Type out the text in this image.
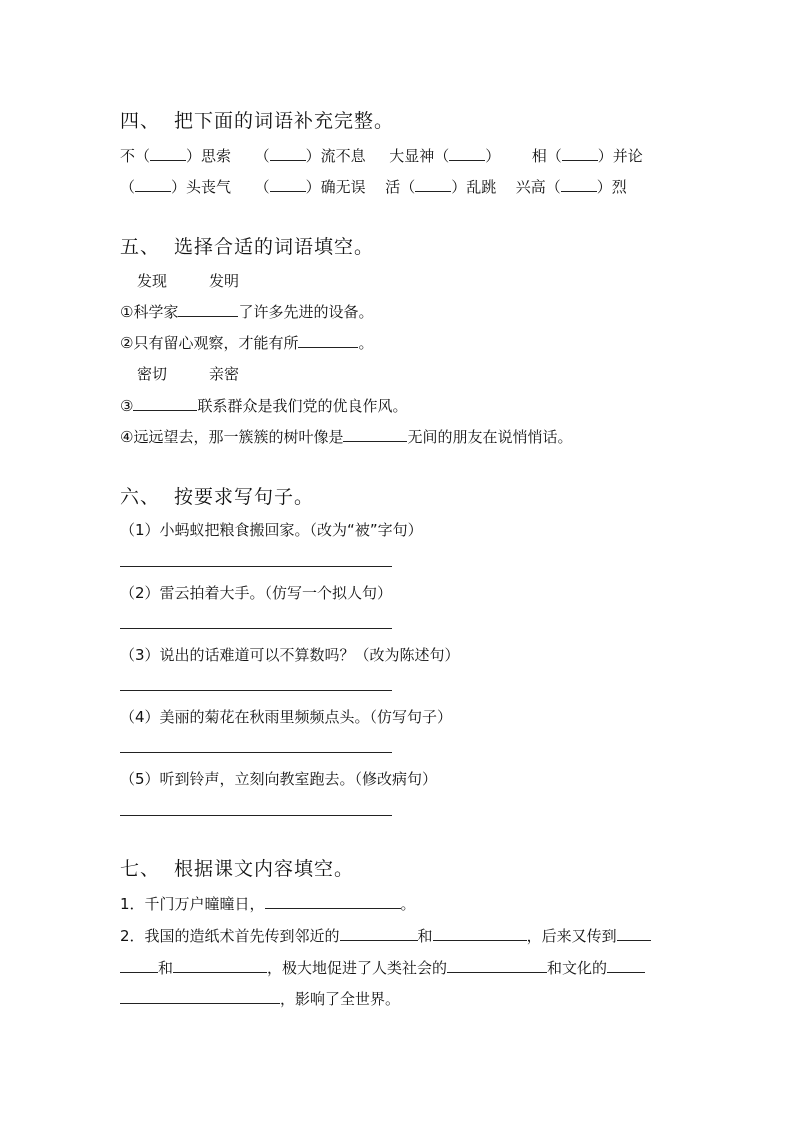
四、 把下面的词语补充完整。
不（ ）思索 （ ）流不息 大显神（ ） 相（ ）并论
（ ）头丧气 （ ）确无误 活（ ）乱跳 兴高（ ）烈
五、 选择合适的词语填空。
发现	发明
①科学家	了许多先进的设备。
②只有留心观察，才能有所	。
密切	亲密
③	联系群众是我们党的优良作风。
④远远望去，那一簇簇的树叶像是	无间的朋友在说悄悄话。
六、 按要求写句子。
（1）小蚂蚁把粮食搬回家。（改为“被”字句）
（2）雷云拍着大手。（仿写一个拟人句）
（3）说出的话难道可以不算数吗？（改为陈述句）
（4）美丽的菊花在秋雨里频频点头。（仿写句子）
（5）听到铃声，立刻向教室跑去。（修改病句）
七、 根据课文内容填空。
1．千门万户曈曈日，	。
2．我国的造纸术首先传到邻近的	和	，后来又传到
和	，极大地促进了人类社会的	和文化的
，影响了全世界。
